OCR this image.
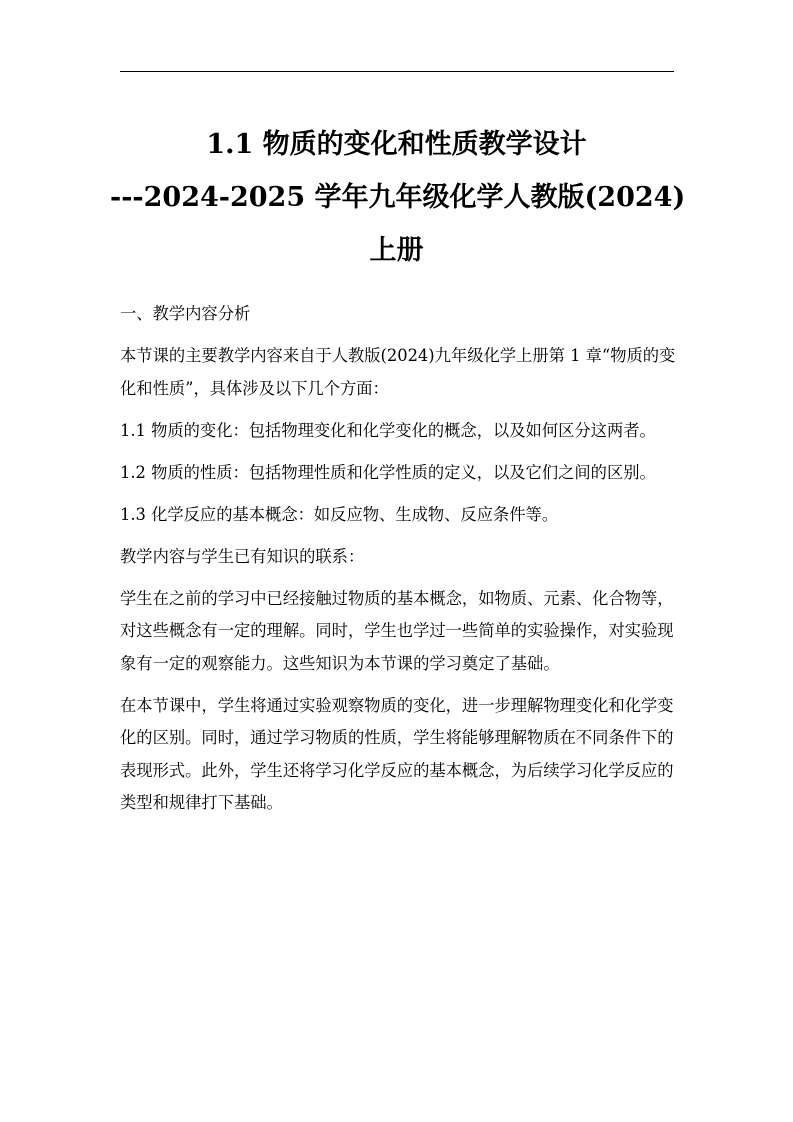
1.1 物质的变化和性质教学设计
---2024-2025 学年九年级化学人教版(2024)
上册

一、教学内容分析

本节课的主要教学内容来自于人教版(2024)九年级化学上册第 1 章“物质的变化和性质”，具体涉及以下几个方面：

1.1 物质的变化：包括物理变化和化学变化的概念，以及如何区分这两者。

1.2 物质的性质：包括物理性质和化学性质的定义，以及它们之间的区别。

1.3 化学反应的基本概念：如反应物、生成物、反应条件等。

教学内容与学生已有知识的联系：

学生在之前的学习中已经接触过物质的基本概念，如物质、元素、化合物等，对这些概念有一定的理解。同时，学生也学过一些简单的实验操作，对实验现象有一定的观察能力。这些知识为本节课的学习奠定了基础。

在本节课中，学生将通过实验观察物质的变化，进一步理解物理变化和化学变化的区别。同时，通过学习物质的性质，学生将能够理解物质在不同条件下的表现形式。此外，学生还将学习化学反应的基本概念，为后续学习化学反应的类型和规律打下基础。
